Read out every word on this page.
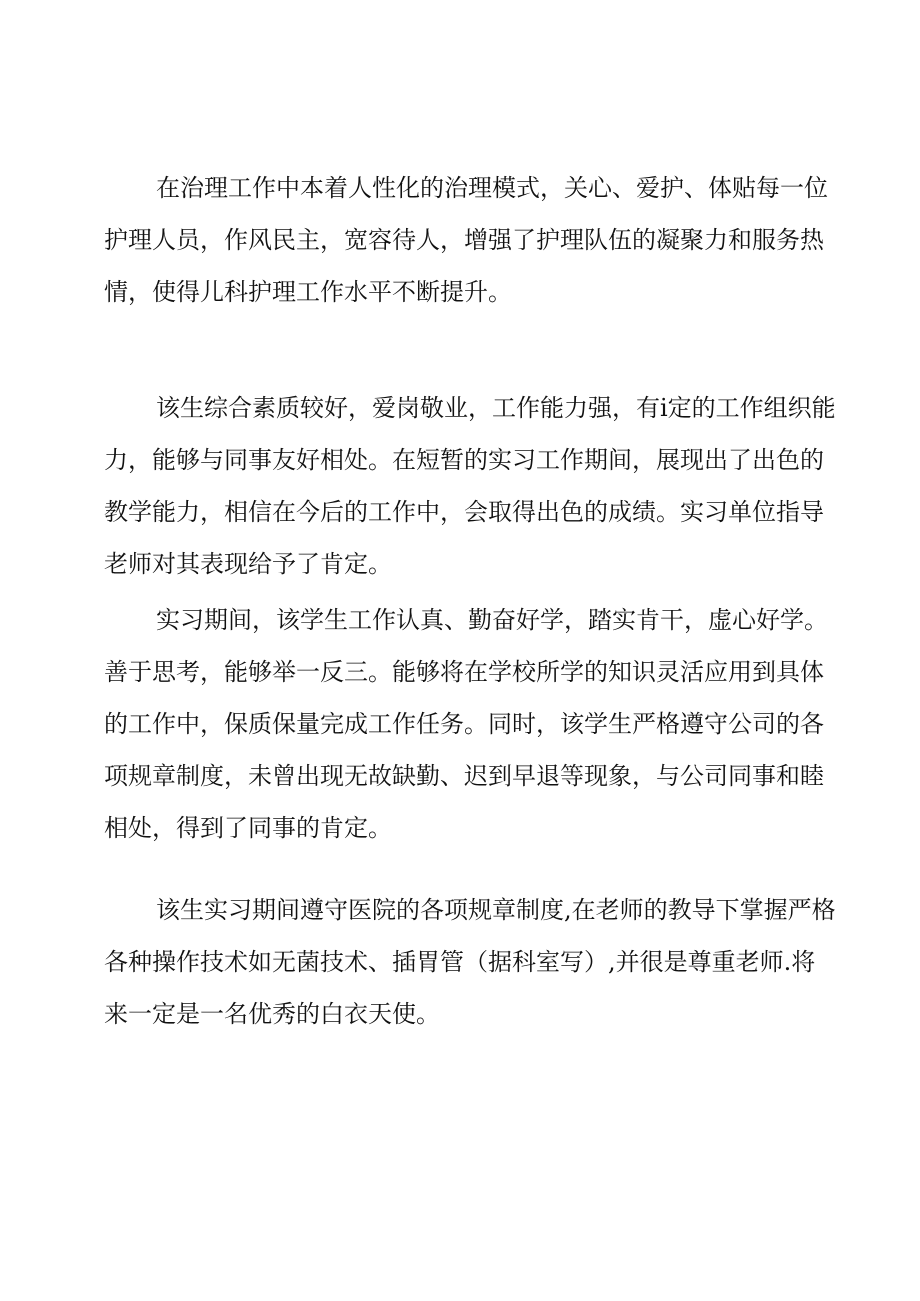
在治理工作中本着人性化的治理模式，关心、爱护、体贴每一位
护理人员，作风民主，宽容待人，增强了护理队伍的凝聚力和服务热
情，使得儿科护理工作水平不断提升。

该生综合素质较好，爱岗敬业，工作能力强，有i定的工作组织能
力，能够与同事友好相处。在短暂的实习工作期间，展现出了出色的
教学能力，相信在今后的工作中，会取得出色的成绩。实习单位指导
老师对其表现给予了肯定。

实习期间，该学生工作认真、勤奋好学，踏实肯干，虚心好学。
善于思考，能够举一反三。能够将在学校所学的知识灵活应用到具体
的工作中，保质保量完成工作任务。同时，该学生严格遵守公司的各
项规章制度，未曾出现无故缺勤、迟到早退等现象，与公司同事和睦
相处，得到了同事的肯定。

该生实习期间遵守医院的各项规章制度,在老师的教导下掌握严格
各种操作技术如无菌技术、插胃管（据科室写）,并很是尊重老师.将
来一定是一名优秀的白衣天使。
